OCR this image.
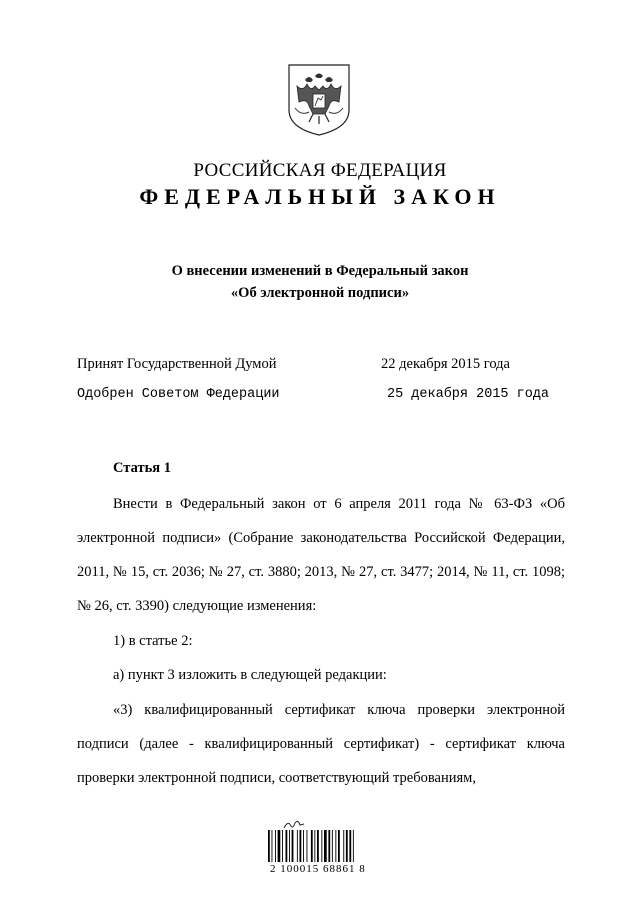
РОССИЙСКАЯ ФЕДЕРАЦИЯ
ФЕДЕРАЛЬНЫЙ ЗАКОН
О внесении изменений в Федеральный закон
«Об электронной подписи»
Принят Государственной Думой	22 декабря 2015 года
Одобрен Советом Федерации	25 декабря 2015 года
Статья 1
Внести в Федеральный закон от 6 апреля 2011 года № 63-ФЗ «Об электронной подписи» (Собрание законодательства Российской Федерации, 2011, № 15, ст. 2036; № 27, ст. 3880; 2013, № 27, ст. 3477; 2014, № 11, ст. 1098; № 26, ст. 3390) следующие изменения:
1) в статье 2:
а) пункт 3 изложить в следующей редакции:
«3) квалифицированный сертификат ключа проверки электронной подписи (далее - квалифицированный сертификат) - сертификат ключа проверки электронной подписи, соответствующий требованиям,
2 100015 68861 8
